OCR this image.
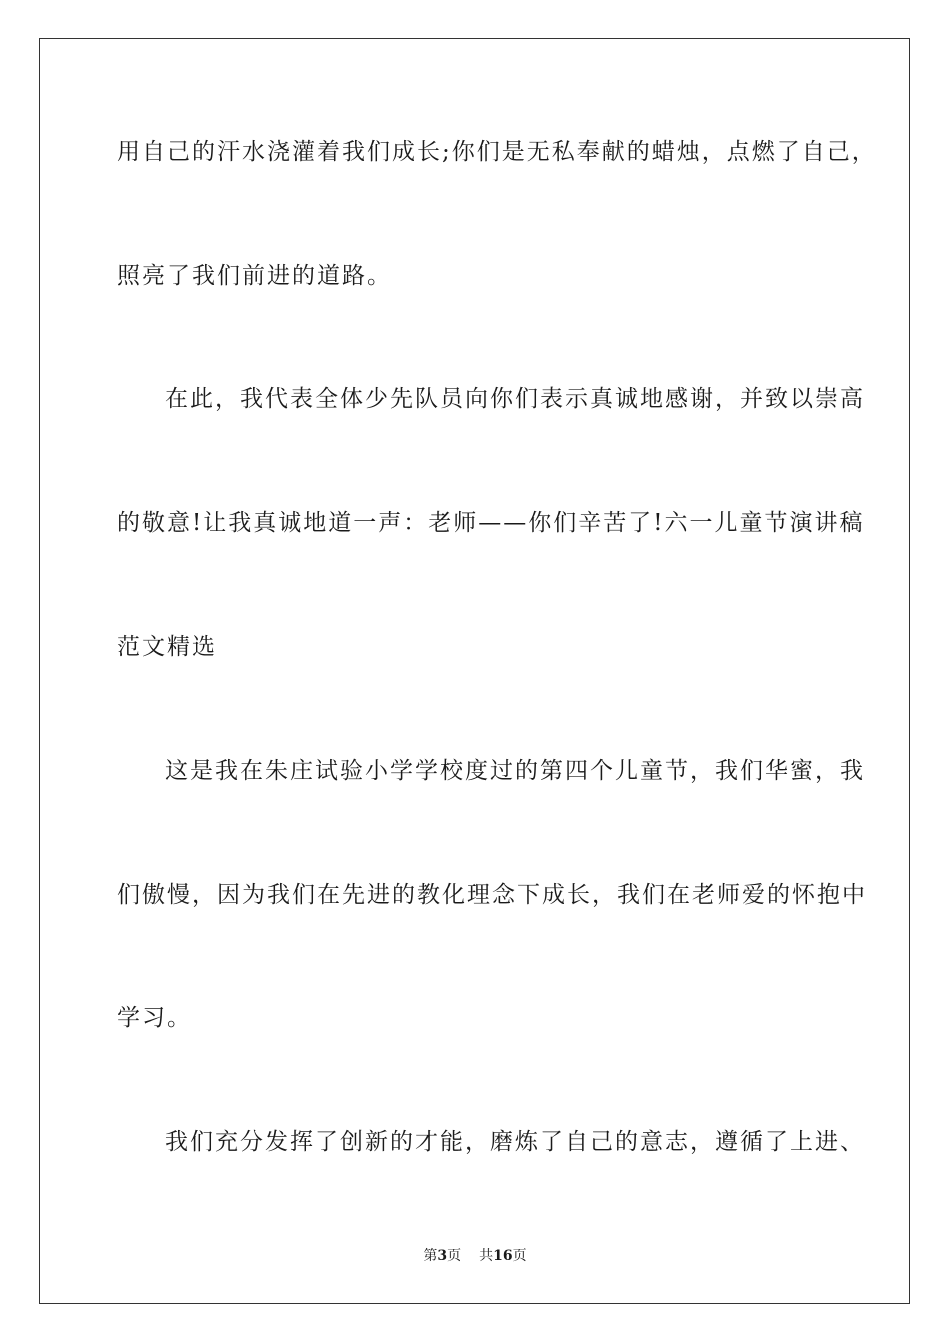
用自己的汗水浇灌着我们成长;你们是无私奉献的蜡烛，点燃了自己，
照亮了我们前进的道路。
在此，我代表全体少先队员向你们表示真诚地感谢，并致以崇高
的敬意!让我真诚地道一声：老师——你们辛苦了!六一儿童节演讲稿
范文精选
这是我在朱庄试验小学学校度过的第四个儿童节，我们华蜜，我
们傲慢，因为我们在先进的教化理念下成长，我们在老师爱的怀抱中
学习。
我们充分发挥了创新的才能，磨炼了自己的意志，遵循了上进、
第3页 共16页
